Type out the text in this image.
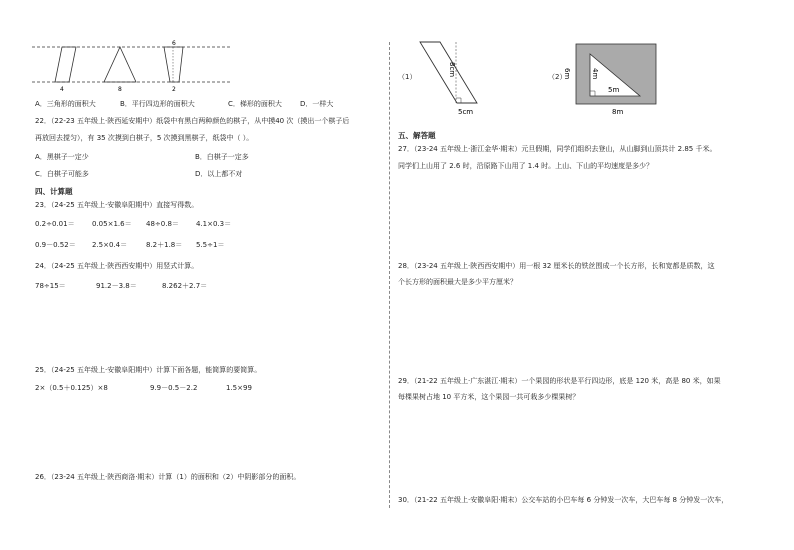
4	8
6
2
A．三角形的面积大	B．平行四边形的面积大	C．梯形的面积大	D．一样大
22．（22-23 五年级上·陕西延安期中）纸袋中有黑白两种颜色的棋子，从中摸40 次（摸出一个棋子后
再放回去搅匀），有 35 次摸到白棋子，5 次摸到黑棋子，纸袋中（ ）。
A．黑棋子一定少	B．白棋子一定多
C．白棋子可能多	D．以上都不对
四、计算题
23．（24-25 五年级上·安徽阜阳期中）直接写得数。
0.2÷0.01＝ 0.05×1.6＝ 48÷0.8＝ 4.1×0.3＝
0.9－0.52＝ 2.5×0.4＝	8.2＋1.8＝ 5.5÷1＝
24．（24-25 五年级上·陕西西安期中）用竖式计算。
78÷15＝	91.2－3.8＝	8.262＋2.7＝
25．（24-25 五年级上·安徽阜阳期中）计算下面各题，能简算的要简算。
2×（0.5＋0.125）×8	9.9－0.5－2.2	1.5×99
26．（23-24 五年级上·陕西商洛·期末）计算（1）的面积和（2）中阴影部分的面积。
（1）	8cm
5cm
（2）
6m	4m
5m
8m
五、解答题
27．（23-24 五年级上·浙江金华·期末）元旦假期，同学们组织去登山，从山脚到山顶共计 2.85 千米。
同学们上山用了 2.6 时，沿原路下山用了 1.4 时。上山、下山的平均速度是多少？
28．（23-24 五年级上·陕西西安期中）用一根 32 厘米长的铁丝围成一个长方形，长和宽都是质数，这
个长方形的面积最大是多少平方厘米？
29．（21-22 五年级上·广东湛江·期末）一个果园的形状是平行四边形，底是 120 米，高是 80 米，如果
每棵果树占地 10 平方米，这个果园一共可栽多少棵果树？
30．（21-22 五年级上·安徽阜阳·期末）公交车站的小巴车每 6 分钟发一次车，大巴车每 8 分钟发一次车，
